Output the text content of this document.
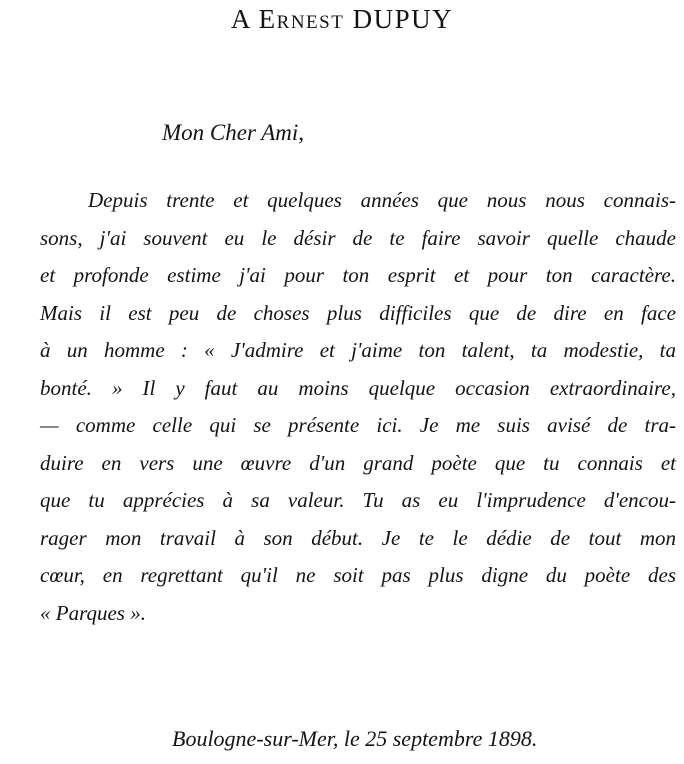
A Ernest DUPUY
Mon Cher Ami,
Depuis trente et quelques années que nous nous connais-
sons, j'ai souvent eu le désir de te faire savoir quelle chaude
et profonde estime j'ai pour ton esprit et pour ton caractère.
Mais il est peu de choses plus difficiles que de dire en face
à un homme : « J'admire et j'aime ton talent, ta modestie, ta
bonté. » Il y faut au moins quelque occasion extraordinaire,
— comme celle qui se présente ici. Je me suis avisé de tra-
duire en vers une œuvre d'un grand poète que tu connais et
que tu apprécies à sa valeur. Tu as eu l'imprudence d'encou-
rager mon travail à son début. Je te le dédie de tout mon
cœur, en regrettant qu'il ne soit pas plus digne du poète des
« Parques ».
Boulogne-sur-Mer, le 25 septembre 1898.
